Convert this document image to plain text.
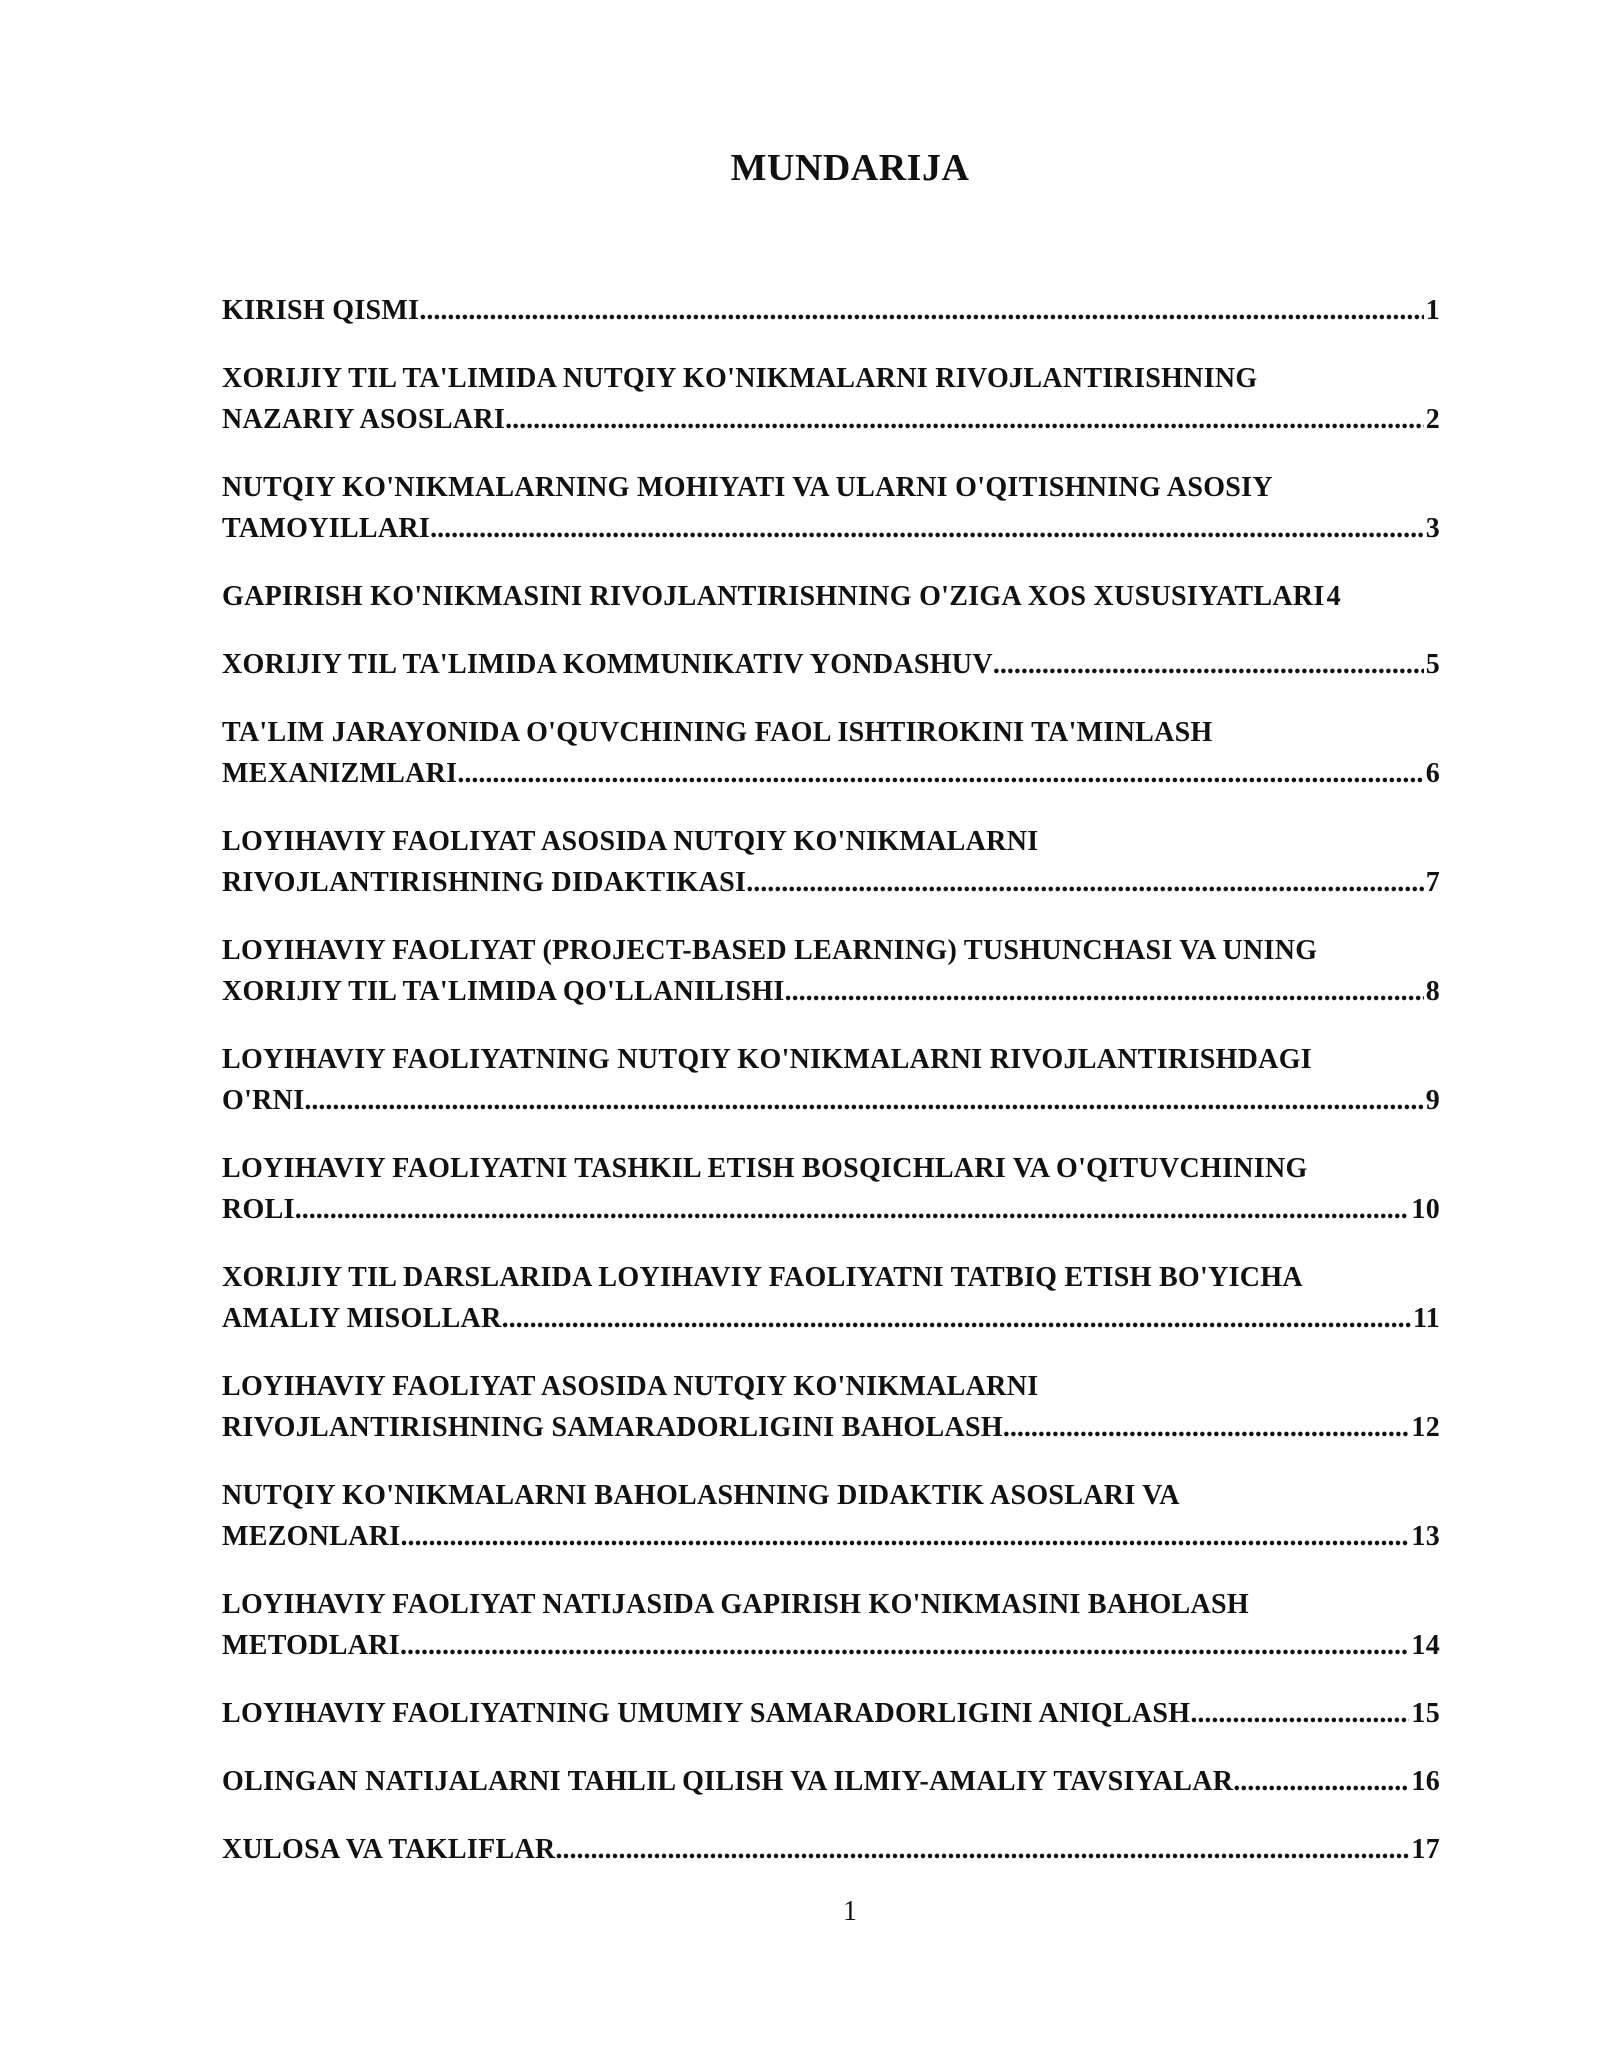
MUNDARIJA
KIRISH QISMI .....	1
XORIJIY TIL TA'LIMIDA NUTQIY KO'NIKMALARNI RIVOJLANTIRISHNING
NAZARIY ASOSLARI .....	2
NUTQIY KO'NIKMALARNING MOHIYATI VA ULARNI O'QITISHNING ASOSIY
TAMOYILLARI .....	3
GAPIRISH KO'NIKMASINI RIVOJLANTIRISHNING O'ZIGA XOS XUSUSIYATLARI 4
XORIJIY TIL TA'LIMIDA KOMMUNIKATIV YONDASHUV .....	5
TA'LIM JARAYONIDA O'QUVCHINING FAOL ISHTIROKINI TA'MINLASH
MEXANIZMLARI .....	6
LOYIHAVIY FAOLIYAT ASOSIDA NUTQIY KO'NIKMALARNI
RIVOJLANTIRISHNING DIDAKTIKASI .....	7
LOYIHAVIY FAOLIYAT (PROJECT-BASED LEARNING) TUSHUNCHASI VA UNING
XORIJIY TIL TA'LIMIDA QO'LLANILISHI .....	8
LOYIHAVIY FAOLIYATNING NUTQIY KO'NIKMALARNI RIVOJLANTIRISHDAGI
O'RNI .....	9
LOYIHAVIY FAOLIYATNI TASHKIL ETISH BOSQICHLARI VA O'QITUVCHINING
ROLI .....	10
XORIJIY TIL DARSLARIDA LOYIHAVIY FAOLIYATNI TATBIQ ETISH BO'YICHA
AMALIY MISOLLAR .....	11
LOYIHAVIY FAOLIYAT ASOSIDA NUTQIY KO'NIKMALARNI
RIVOJLANTIRISHNING SAMARADORLIGINI BAHOLASH .....	12
NUTQIY KO'NIKMALARNI BAHOLASHNING DIDAKTIK ASOSLARI VA
MEZONLARI .....	13
LOYIHAVIY FAOLIYAT NATIJASIDA GAPIRISH KO'NIKMASINI BAHOLASH
METODLARI .....	14
LOYIHAVIY FAOLIYATNING UMUMIY SAMARADORLIGINI ANIQLASH .....	15
OLINGAN NATIJALARNI TAHLIL QILISH VA ILMIY-AMALIY TAVSIYALAR .....	16
XULOSA VA TAKLIFLAR .....	17
1
